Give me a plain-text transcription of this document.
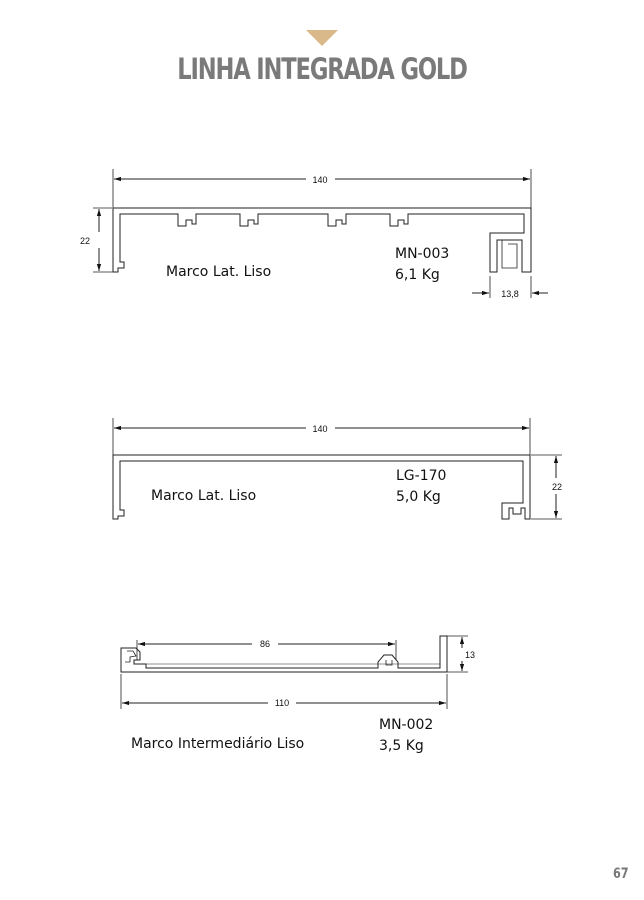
LINHA INTEGRADA GOLD
140
22
13,8
140
22
86
13
110
Marco Lat. Liso
MN-003
6,1 Kg
Marco Lat. Liso
LG-170
5,0 Kg
Marco Intermediário Liso
MN-002
3,5 Kg
67
